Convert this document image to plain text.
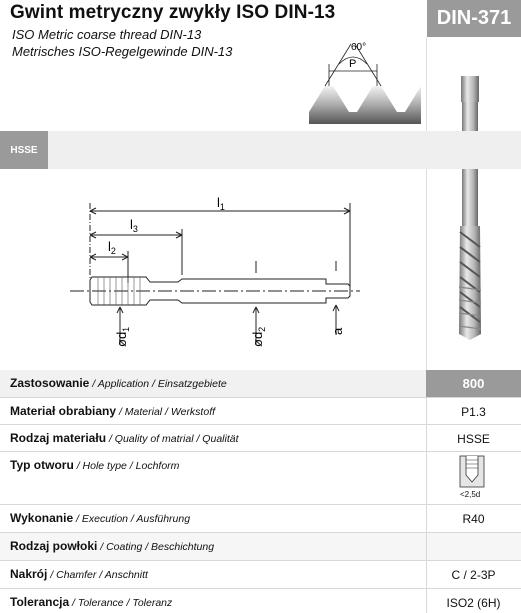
Gwint metryczny zwykły ISO DIN-13
ISO Metric coarse thread DIN-13
Metrisches ISO-Regelgewinde DIN-13
DIN-371
60°
P
HSSE
$l_1$
$l_3$
$l_2$
$ød_1$
$ød_2$	a
Zastosowanie / Application / Einsatzgebiete	800
Materiał obrabiany / Material / Werkstoff	P1.3
Rodzaj materiału / Quality of matrial / Qualität	HSSE
Typ otworu / Hole type / Lochform
<2,5d
Wykonanie / Execution / Ausführung	R40
Rodzaj powłoki / Coating / Beschichtung
Nakrój / Chamfer / Anschnitt	C / 2-3P
Tolerancja / Tolerance / Toleranz	ISO2 (6H)
